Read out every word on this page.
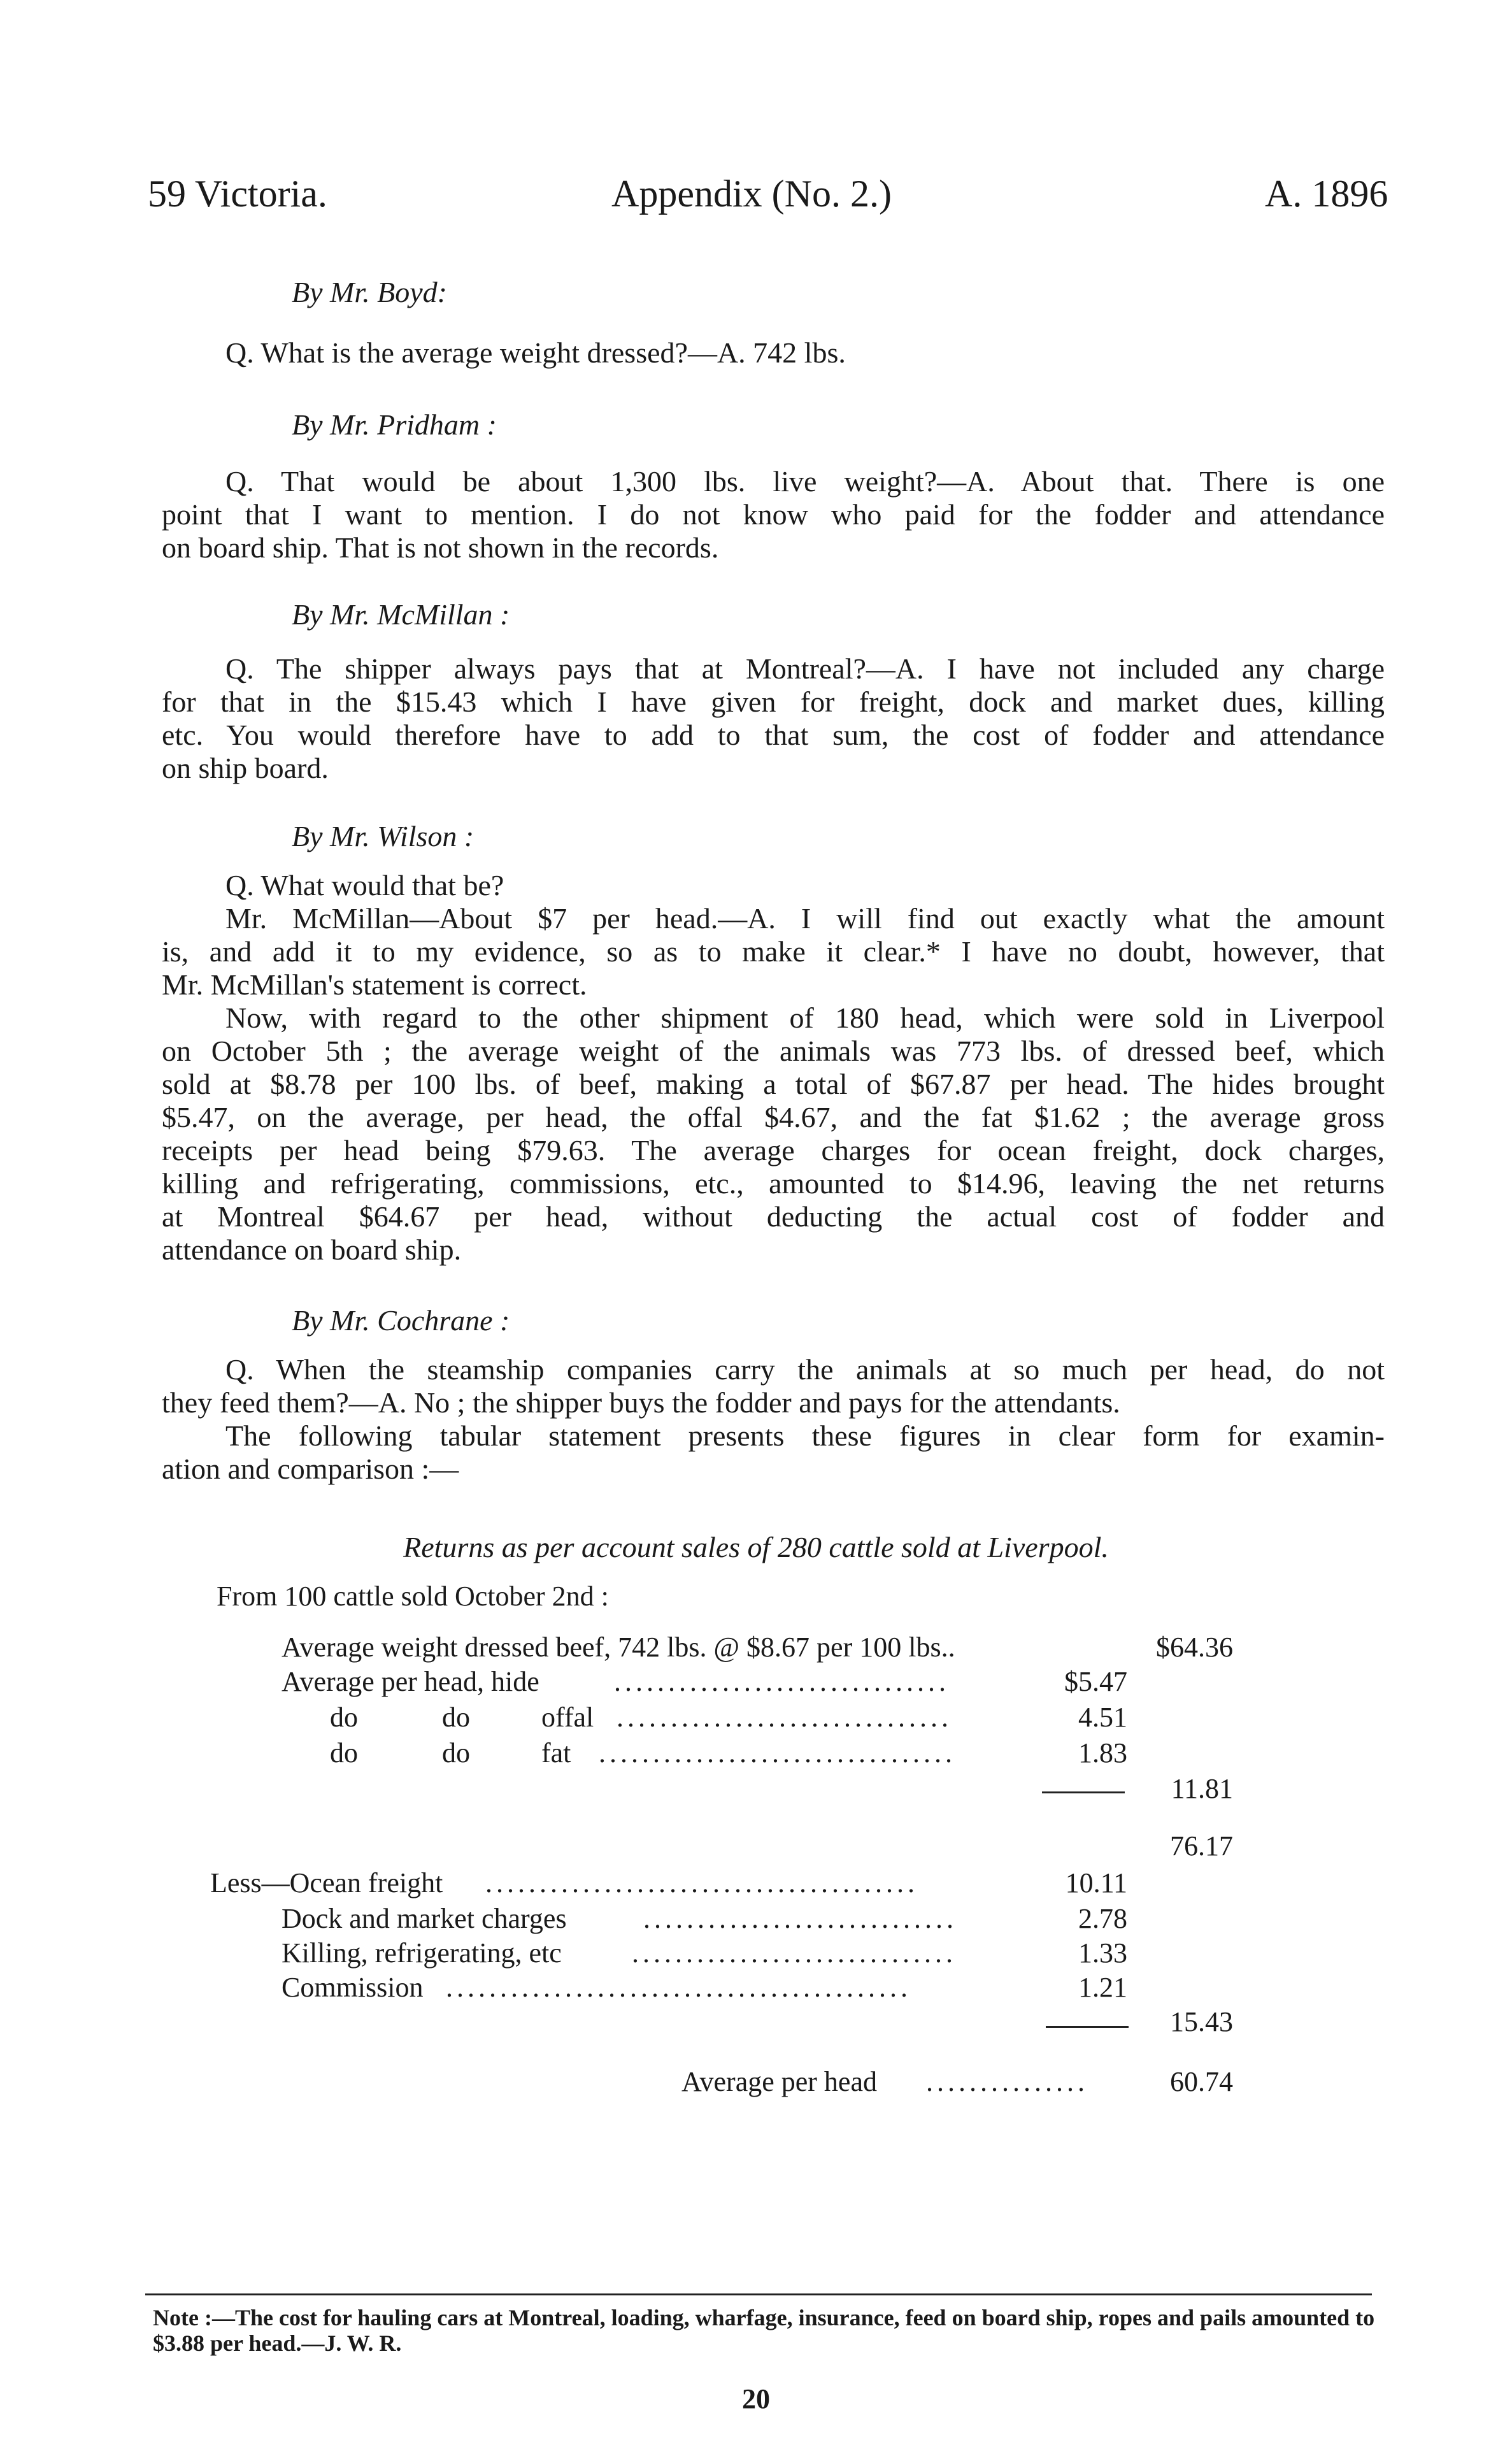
59 Victoria.	Appendix (No. 2.)	A. 1896
By Mr. Boyd:
Q. What is the average weight dressed?—A. 742 lbs.
By Mr. Pridham :
Q. That would be about 1,300 lbs. live weight?—A. About that. There is one
point that I want to mention. I do not know who paid for the fodder and attendance
on board ship. That is not shown in the records.
By Mr. McMillan :
Q. The shipper always pays that at Montreal?—A. I have not included any charge
for that in the $15.43 which I have given for freight, dock and market dues, killing
etc. You would therefore have to add to that sum, the cost of fodder and attendance
on ship board.
By Mr. Wilson :
Q. What would that be?
Mr. McMillan—About $7 per head.—A. I will find out exactly what the amount
is, and add it to my evidence, so as to make it clear.* I have no doubt, however, that
Mr. McMillan's statement is correct.
Now, with regard to the other shipment of 180 head, which were sold in Liverpool
on October 5th ; the average weight of the animals was 773 lbs. of dressed beef, which
sold at $8.78 per 100 lbs. of beef, making a total of $67.87 per head. The hides brought
$5.47, on the average, per head, the offal $4.67, and the fat $1.62 ; the average gross
receipts per head being $79.63. The average charges for ocean freight, dock charges,
killing and refrigerating, commissions, etc., amounted to $14.96, leaving the net returns
at Montreal $64.67 per head, without deducting the actual cost of fodder and
attendance on board ship.
By Mr. Cochrane :
Q. When the steamship companies carry the animals at so much per head, do not
they feed them?—A. No ; the shipper buys the fodder and pays for the attendants.
The following tabular statement presents these figures in clear form for examin-
ation and comparison :—
Returns as per account sales of 280 cattle sold at Liverpool.
From 100 cattle sold October 2nd :
Average weight dressed beef, 742 lbs. @ $8.67 per 100 lbs..	$64.36
Average per head, hide	...............................	$5.47
do	do	offal ...............................	4.51
do	do	fat .................................	1.83
11.81
76.17
Less—Ocean freight ........................................	10.11
Dock and market charges	.............................	2.78
Killing, refrigerating, etc	..............................	1.33
Commission ...........................................	1.21
15.43
Average per head ...............	60.74
Note :—The cost for hauling cars at Montreal, loading, wharfage, insurance, feed on board ship, ropes and pails amounted to $3.88 per head.—J. W. R.
20
